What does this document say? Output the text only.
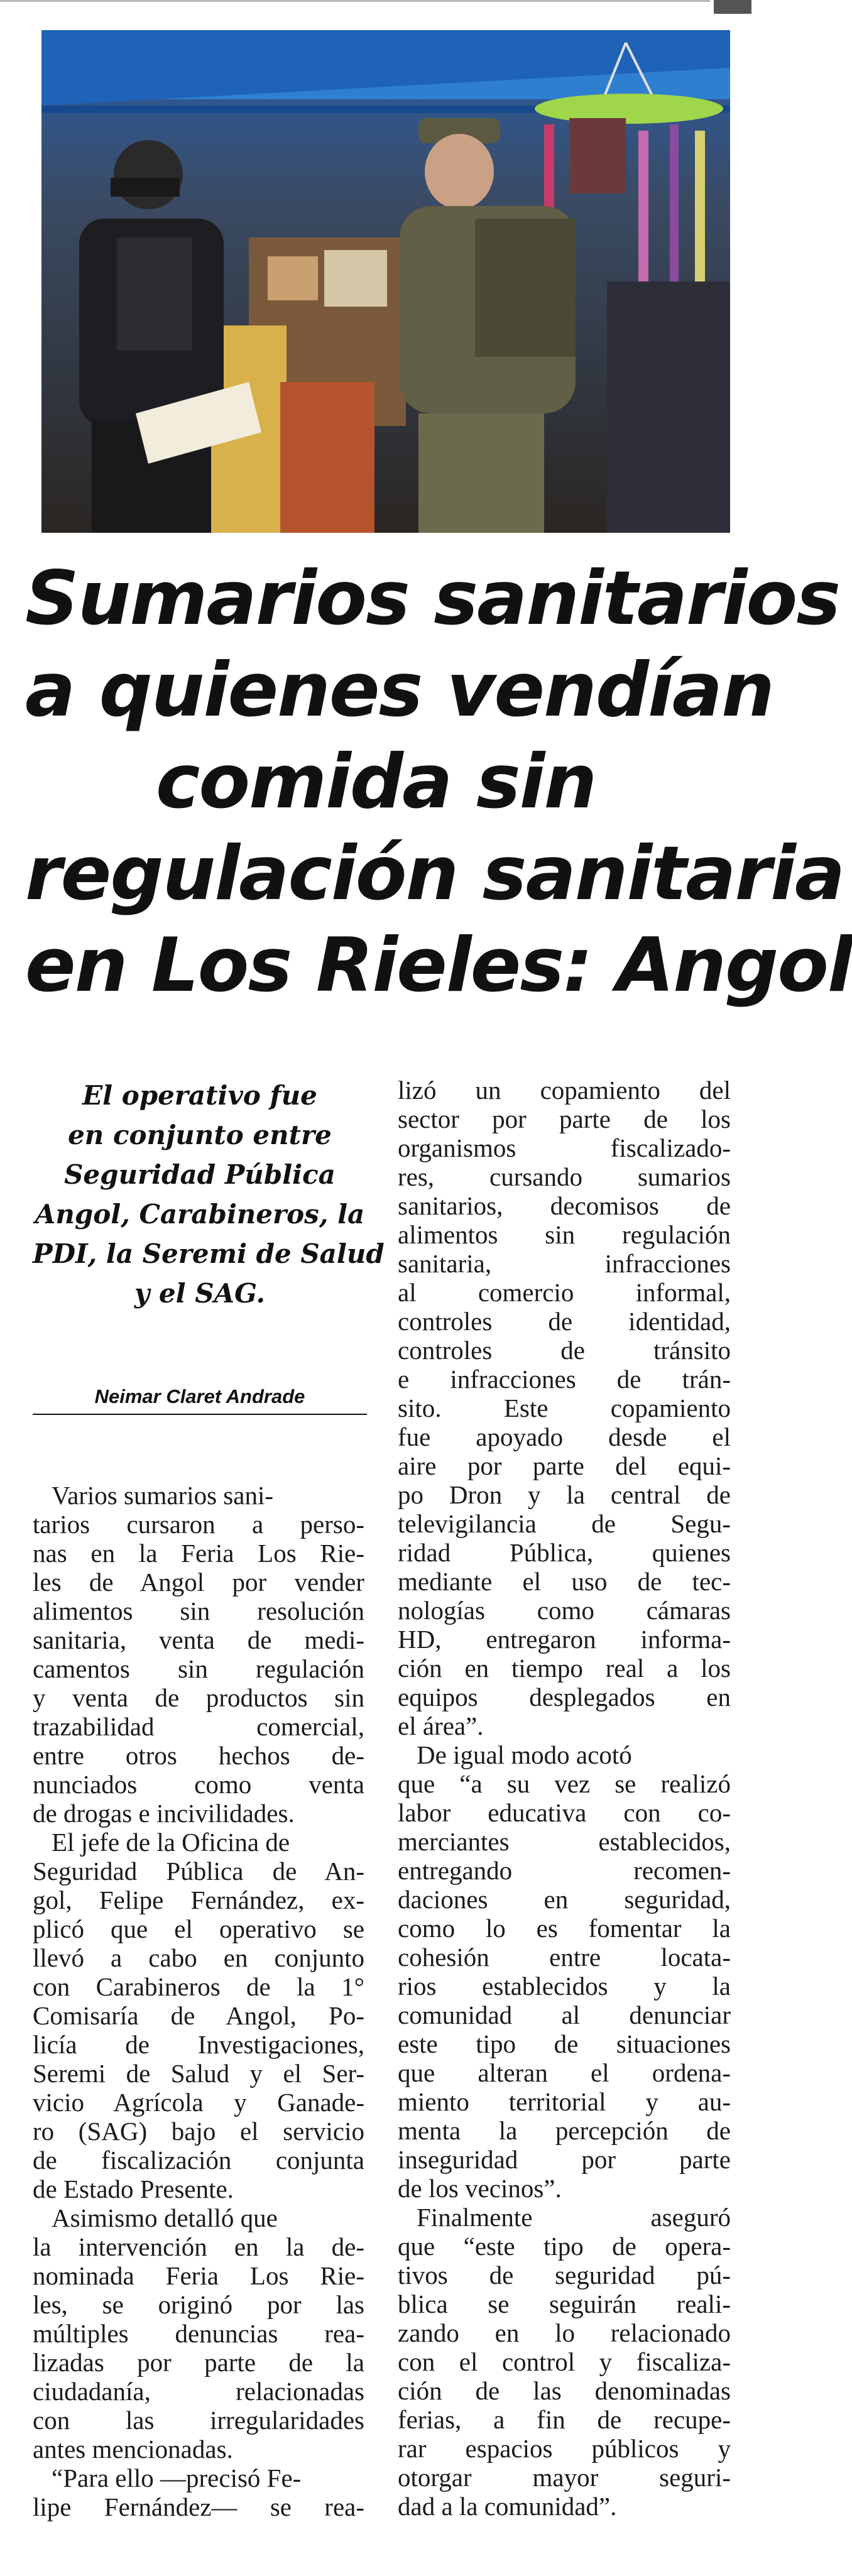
Sumarios sanitarios
a quienes vendían
comida sin
regulación sanitaria
en Los Rieles: Angol

El operativo fue
en conjunto entre
Seguridad Pública
Angol, Carabineros, la
PDI, la Seremi de Salud
y el SAG.

Neimar Claret Andrade
Varios sumarios sani-
tarios cursaron a perso-
nas en la Feria Los Rie-
les de Angol por vender
alimentos sin resolución
sanitaria, venta de medi-
camentos sin regulación
y venta de productos sin
trazabilidad comercial,
entre otros hechos de-
nunciados como venta
de drogas e incivilidades.
El jefe de la Oficina de
Seguridad Pública de An-
gol, Felipe Fernández, ex-
plicó que el operativo se
llevó a cabo en conjunto
con Carabineros de la 1°
Comisaría de Angol, Po-
licía de Investigaciones,
Seremi de Salud y el Ser-
vicio Agrícola y Ganade-
ro (SAG) bajo el servicio
de fiscalización conjunta
de Estado Presente.
Asimismo detalló que
la intervención en la de-
nominada Feria Los Rie-
les, se originó por las
múltiples denuncias rea-
lizadas por parte de la
ciudadanía, relacionadas
con las irregularidades
antes mencionadas.
“Para ello —precisó Fe-
lipe Fernández— se rea-
lizó un copamiento del
sector por parte de los
organismos fiscalizado-
res, cursando sumarios
sanitarios, decomisos de
alimentos sin regulación
sanitaria, infracciones
al comercio informal,
controles de identidad,
controles de tránsito
e infracciones de trán-
sito. Este copamiento
fue apoyado desde el
aire por parte del equi-
po Dron y la central de
televigilancia de Segu-
ridad Pública, quienes
mediante el uso de tec-
nologías como cámaras
HD, entregaron informa-
ción en tiempo real a los
equipos desplegados en
el área”.
De igual modo acotó
que “a su vez se realizó
labor educativa con co-
merciantes establecidos,
entregando recomen-
daciones en seguridad,
como lo es fomentar la
cohesión entre locata-
rios establecidos y la
comunidad al denunciar
este tipo de situaciones
que alteran el ordena-
miento territorial y au-
menta la percepción de
inseguridad por parte
de los vecinos”.
Finalmente aseguró
que “este tipo de opera-
tivos de seguridad pú-
blica se seguirán reali-
zando en lo relacionado
con el control y fiscaliza-
ción de las denominadas
ferias, a fin de recupe-
rar espacios públicos y
otorgar mayor seguri-
dad a la comunidad”.
